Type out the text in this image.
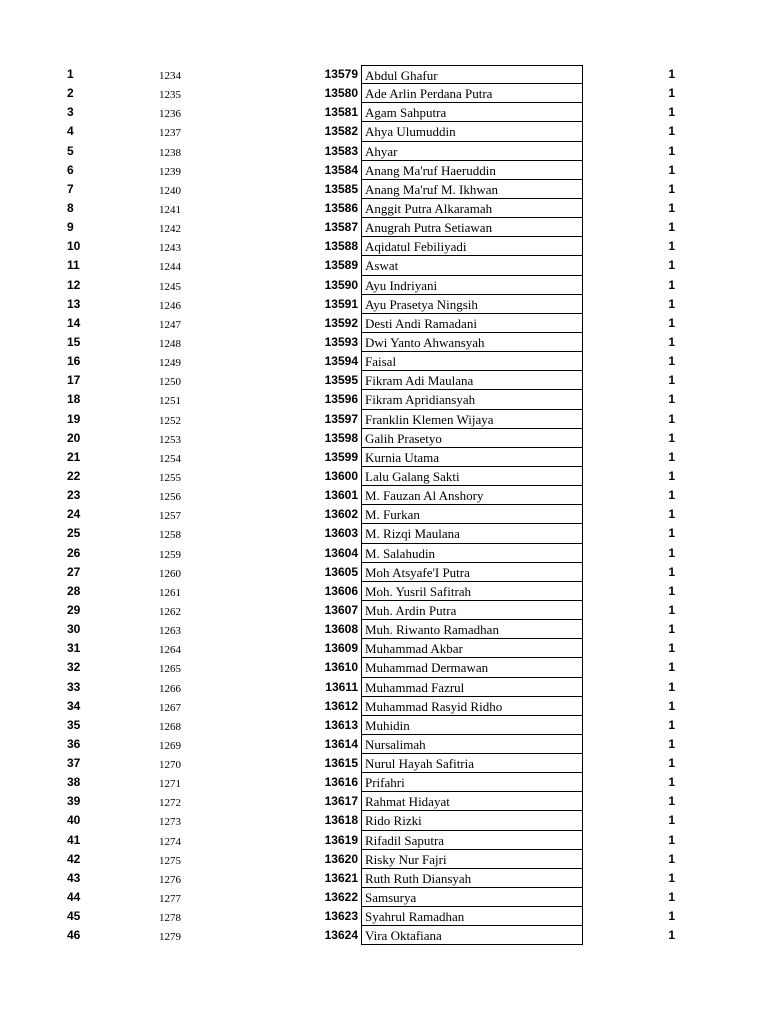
1	1234	13579 Abdul Ghafur	1
2	1235	13580 Ade Arlin Perdana Putra	1
3	1236	13581 Agam Sahputra	1
4	1237	13582 Ahya Ulumuddin	1
5	1238	13583 Ahyar	1
6	1239	13584 Anang Ma'ruf Haeruddin	1
7	1240	13585 Anang Ma'ruf M. Ikhwan	1
8	1241	13586 Anggit Putra Alkaramah	1
9	1242	13587 Anugrah Putra Setiawan	1
10	1243	13588 Aqidatul Febiliyadi	1
11	1244	13589 Aswat	1
12	1245	13590 Ayu Indriyani	1
13	1246	13591 Ayu Prasetya Ningsih	1
14	1247	13592 Desti Andi Ramadani	1
15	1248	13593 Dwi Yanto Ahwansyah	1
16	1249	13594 Faisal	1
17	1250	13595 Fikram Adi Maulana	1
18	1251	13596 Fikram Apridiansyah	1
19	1252	13597 Franklin Klemen Wijaya	1
20	1253	13598 Galih Prasetyo	1
21	1254	13599 Kurnia Utama	1
22	1255	13600 Lalu Galang Sakti	1
23	1256	13601 M. Fauzan Al Anshory	1
24	1257	13602 M. Furkan	1
25	1258	13603 M. Rizqi Maulana	1
26	1259	13604 M. Salahudin	1
27	1260	13605 Moh Atsyafe'I Putra	1
28	1261	13606 Moh. Yusril Safitrah	1
29	1262	13607 Muh. Ardin Putra	1
30	1263	13608 Muh. Riwanto Ramadhan	1
31	1264	13609 Muhammad Akbar	1
32	1265	13610 Muhammad Dermawan	1
33	1266	13611 Muhammad Fazrul	1
34	1267	13612 Muhammad Rasyid Ridho	1
35	1268	13613 Muhidin	1
36	1269	13614 Nursalimah	1
37	1270	13615 Nurul Hayah Safitria	1
38	1271	13616 Prifahri	1
39	1272	13617 Rahmat Hidayat	1
40	1273	13618 Rido Rizki	1
41	1274	13619 Rifadil Saputra	1
42	1275	13620 Risky Nur Fajri	1
43	1276	13621 Ruth Ruth Diansyah	1
44	1277	13622 Samsurya	1
45	1278	13623 Syahrul Ramadhan	1
46	1279	13624 Vira Oktafiana	1
